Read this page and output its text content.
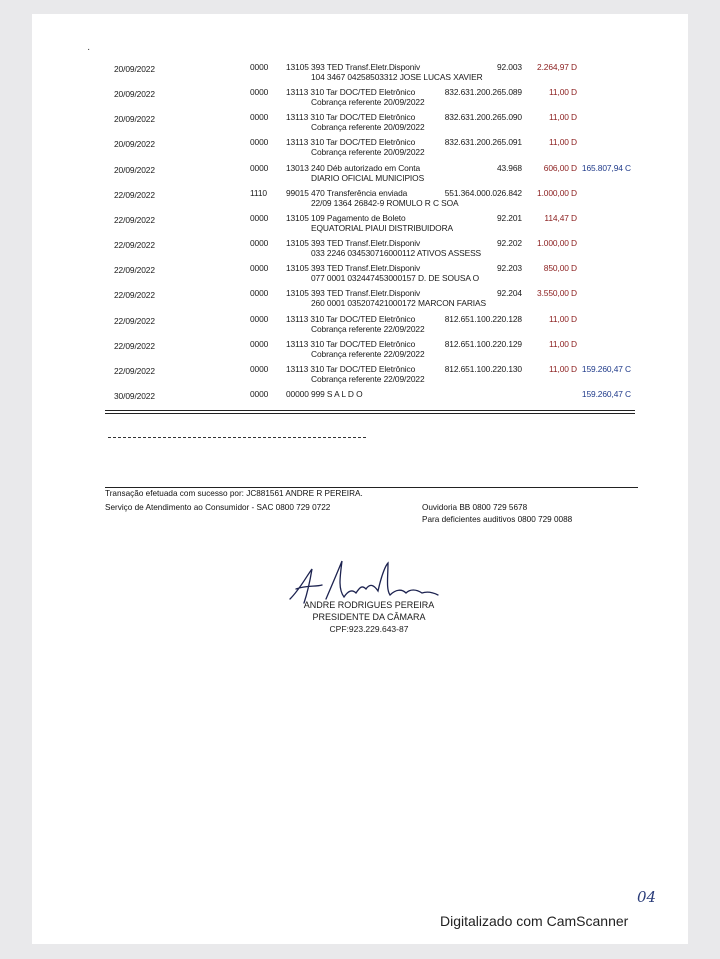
·
20/09/2022	0000 13105 393 TED Transf.Eletr.Disponiv
104 3467 04258503312 JOSE LUCAS XAVIER
92.003 2.264,97 D
20/09/2022	0000 13113 310 Tar DOC/TED Eletrônico
Cobrança referente 20/09/2022
832.631.200.265.089	11,00 D
20/09/2022	0000 13113 310 Tar DOC/TED Eletrônico
Cobrança referente 20/09/2022
832.631.200.265.090	11,00 D
20/09/2022	0000 13113 310 Tar DOC/TED Eletrônico
Cobrança referente 20/09/2022
832.631.200.265.091	11,00 D
20/09/2022	0000 13013 240 Déb autorizado em Conta
DIARIO OFICIAL MUNICIPIOS
43.968	606,00 D 165.807,94 C
22/09/2022	1110 99015 470 Transferência enviada
22/09 1364 26842-9 ROMULO R C SOA
551.364.000.026.842 1.000,00 D
22/09/2022	0000 13105 109 Pagamento de Boleto
EQUATORIAL PIAUI DISTRIBUIDORA
92.201	114,47 D
22/09/2022	0000 13105 393 TED Transf.Eletr.Disponiv
033 2246 034530716000112 ATIVOS ASSESS
92.202 1.000,00 D
22/09/2022	0000 13105 393 TED Transf.Eletr.Disponiv
077 0001 032447453000157 D. DE SOUSA O
92.203	850,00 D
22/09/2022	0000 13105 393 TED Transf.Eletr.Disponiv
260 0001 035207421000172 MARCON FARIAS
92.204 3.550,00 D
22/09/2022	0000 13113 310 Tar DOC/TED Eletrônico
Cobrança referente 22/09/2022
812.651.100.220.128	11,00 D
22/09/2022	0000 13113 310 Tar DOC/TED Eletrônico
Cobrança referente 22/09/2022
812.651.100.220.129	11,00 D
22/09/2022	0000 13113 310 Tar DOC/TED Eletrônico
Cobrança referente 22/09/2022
812.651.100.220.130	11,00 D 159.260,47 C
30/09/2022	0000 00000 999 S A L D O	159.260,47 C
Transação efetuada com sucesso por: JC881561 ANDRE R PEREIRA.
Serviço de Atendimento ao Consumidor - SAC 0800 729 0722	Ouvidoria BB 0800 729 5678
Para deficientes auditivos 0800 729 0088
ANDRE RODRIGUES PEREIRA
PRESIDENTE DA CÂMARA
CPF:923.229.643-87
04
Digitalizado com CamScanner
